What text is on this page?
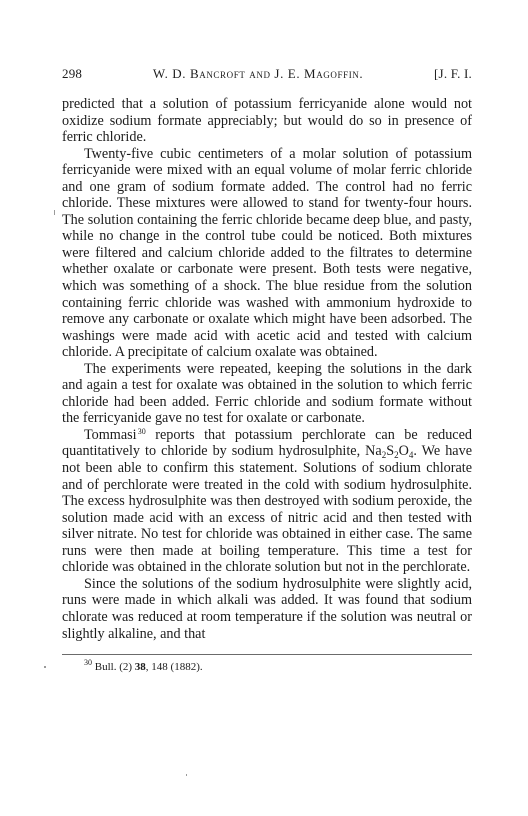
298	W. D. Bancroft and J. E. Magoffin.	[J. F. I.

predicted that a solution of potassium ferricyanide alone would not oxidize sodium formate appreciably; but would do so in presence of ferric chloride.

Twenty-five cubic centimeters of a molar solution of potassium ferricyanide were mixed with an equal volume of molar ferric chloride and one gram of sodium formate added. The control had no ferric chloride. These mixtures were allowed to stand for twenty-four hours. The solution containing the ferric chloride became deep blue, and pasty, while no change in the control tube could be noticed. Both mixtures were filtered and calcium chloride added to the filtrates to determine whether oxalate or carbonate were present. Both tests were negative, which was something of a shock. The blue residue from the solution containing ferric chloride was washed with ammonium hydroxide to remove any carbonate or oxalate which might have been adsorbed. The washings were made acid with acetic acid and tested with calcium chloride. A precipitate of calcium oxalate was obtained.

The experiments were repeated, keeping the solutions in the dark and again a test for oxalate was obtained in the solution to which ferric chloride had been added. Ferric chloride and sodium formate without the ferricyanide gave no test for oxalate or carbonate.

Tommasi $^{30}$ reports that potassium perchlorate can be reduced quantitatively to chloride by sodium hydrosulphite, $Na_2S_2O_4$. We have not been able to confirm this statement. Solutions of sodium chlorate and of perchlorate were treated in the cold with sodium hydrosulphite. The excess hydrosulphite was then destroyed with sodium peroxide, the solution made acid with an excess of nitric acid and then tested with silver nitrate. No test for chloride was obtained in either case. The same runs were then made at boiling temperature. This time a test for chloride was obtained in the chlorate solution but not in the perchlorate.

Since the solutions of the sodium hydrosulphite were slightly acid, runs were made in which alkali was added. It was found that sodium chlorate was reduced at room temperature if the solution was neutral or slightly alkaline, and that

$^{30}$ Bull. (2) 38, 148 (1882).
